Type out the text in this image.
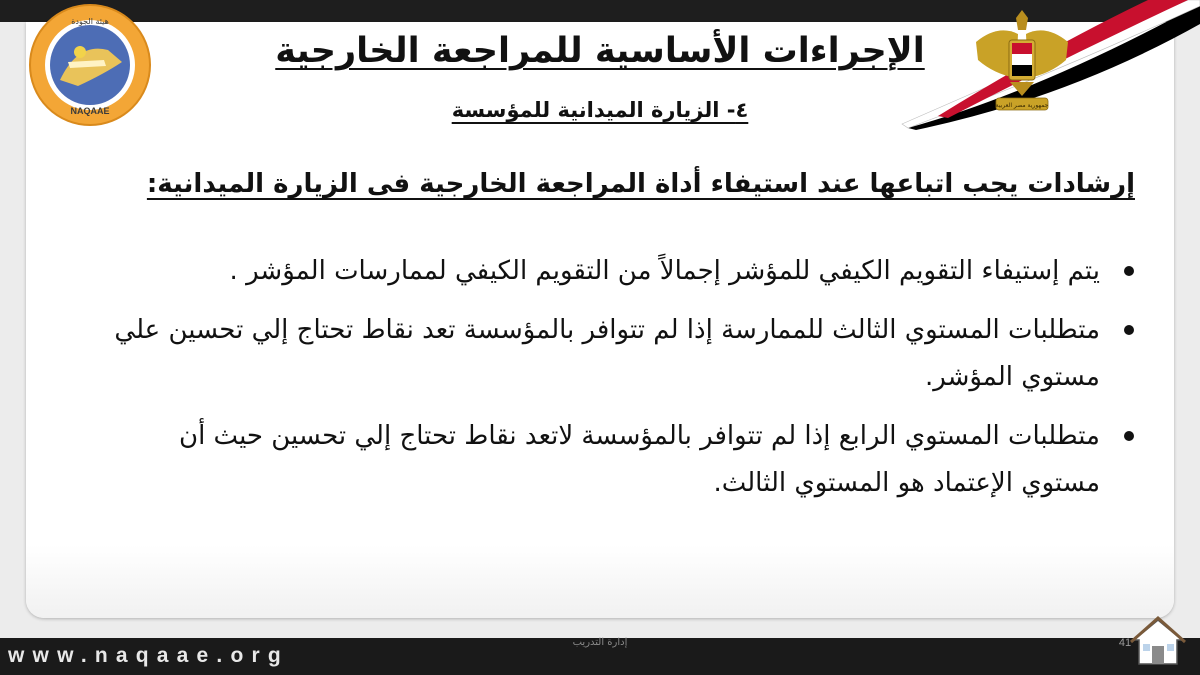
NAQAAE
هيئة الجودة
جمهورية مصر العربية
الإجراءات الأساسية للمراجعة الخارجية
٤- الزيارة الميدانية للمؤسسة

إرشادات يجب اتباعها عند استيفاء أداة المراجعة الخارجية فى الزيارة الميدانية:

يتم إستيفاء التقويم الكيفي للمؤشر إجمالاً من التقويم الكيفي لممارسات المؤشر .
متطلبات المستوي الثالث للممارسة إذا لم تتوافر بالمؤسسة تعد نقاط تحتاج إلي تحسين علي مستوي المؤشر.
متطلبات المستوي الرابع إذا لم تتوافر بالمؤسسة لاتعد نقاط تحتاج إلي تحسين حيث أن مستوي الإعتماد هو المستوي الثالث.
www.naqaae.org
إدارة التدريب	41
